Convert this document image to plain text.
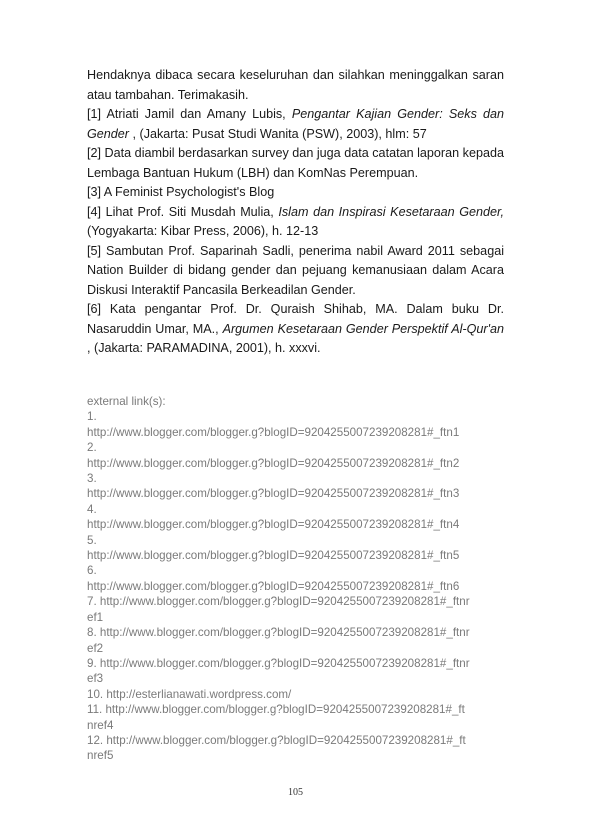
Hendaknya dibaca secara keseluruhan dan silahkan meninggalkan saran atau tambahan. Terimakasih.

[1] Atriati Jamil dan Amany Lubis, Pengantar Kajian Gender: Seks dan Gender , (Jakarta: Pusat Studi Wanita (PSW), 2003), hlm: 57

[2] Data diambil berdasarkan survey dan juga data catatan laporan kepada Lembaga Bantuan Hukum (LBH) dan KomNas Perempuan.

[3] A Feminist Psychologist's Blog

[4] Lihat Prof. Siti Musdah Mulia, Islam dan Inspirasi Kesetaraan Gender, (Yogyakarta: Kibar Press, 2006), h. 12-13

[5] Sambutan Prof. Saparinah Sadli, penerima nabil Award 2011 sebagai Nation Builder di bidang gender dan pejuang kemanusiaan dalam Acara Diskusi Interaktif Pancasila Berkeadilan Gender.

[6] Kata pengantar Prof. Dr. Quraish Shihab, MA. Dalam buku Dr. Nasaruddin Umar, MA., Argumen Kesetaraan Gender Perspektif Al-Qur'an , (Jakarta: PARAMADINA, 2001), h. xxxvi.

external link(s):
1.
http://www.blogger.com/blogger.g?blogID=9204255007239208281#_ftn1
2.
http://www.blogger.com/blogger.g?blogID=9204255007239208281#_ftn2
3.
http://www.blogger.com/blogger.g?blogID=9204255007239208281#_ftn3
4.
http://www.blogger.com/blogger.g?blogID=9204255007239208281#_ftn4
5.
http://www.blogger.com/blogger.g?blogID=9204255007239208281#_ftn5
6.
http://www.blogger.com/blogger.g?blogID=9204255007239208281#_ftn6
7. http://www.blogger.com/blogger.g?blogID=9204255007239208281#_ftnr
ef1
8. http://www.blogger.com/blogger.g?blogID=9204255007239208281#_ftnr
ef2
9. http://www.blogger.com/blogger.g?blogID=9204255007239208281#_ftnr
ef3
10. http://esterlianawati.wordpress.com/
11. http://www.blogger.com/blogger.g?blogID=9204255007239208281#_ft
nref4
12. http://www.blogger.com/blogger.g?blogID=9204255007239208281#_ft
nref5
105
